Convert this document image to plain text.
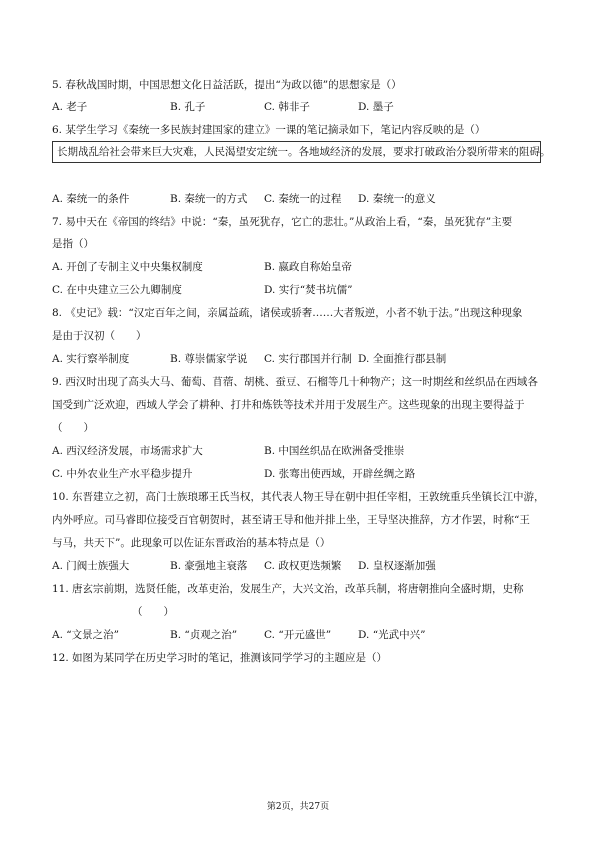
5. 春秋战国时期，中国思想文化日益活跃，提出“为政以德”的思想家是（）
A. 老子	B. 孔子	C. 韩非子	D. 墨子
6. 某学生学习《秦统一多民族封建国家的建立》一课的笔记摘录如下，笔记内容反映的是（）
长期战乱给社会带来巨大灾难，人民渴望安定统一。各地域经济的发展，要求打破政治分裂所带来的阻碍。
A. 秦统一的条件	B. 秦统一的方式 C. 秦统一的过程 D. 秦统一的意义
7. 易中天在《帝国的终结》中说：“秦，虽死犹存，它亡的悲壮。”从政治上看，“秦，虽死犹存”主要
是指（）
A. 开创了专制主义中央集权制度	B. 嬴政自称始皇帝
C. 在中央建立三公九卿制度	D. 实行“焚书坑儒”
8. 《史记》载：“汉定百年之间，亲属益疏，诸侯或骄奢……大者叛逆，小者不轨于法。”出现这种现象
是由于汉初（　　）
A. 实行察举制度	B. 尊崇儒家学说 C. 实行郡国并行制 D. 全面推行郡县制
9. 西汉时出现了高头大马、葡萄、苜蓿、胡桃、蚕豆、石榴等几十种物产；这一时期丝和丝织品在西域各
国受到广泛欢迎，西域人学会了耕种、打井和炼铁等技术并用于发展生产。这些现象的出现主要得益于
（　　）
A. 西汉经济发展，市场需求扩大	B. 中国丝织品在欧洲备受推崇
C. 中外农业生产水平稳步提升	D. 张骞出使西域，开辟丝绸之路
10. 东晋建立之初，高门士族琅琊王氏当权，其代表人物王导在朝中担任宰相，王敦统重兵坐镇长江中游，
内外呼应。司马睿即位接受百官朝贺时，甚至请王导和他并排上坐，王导坚决推辞，方才作罢，时称“王
与马，共天下”。此现象可以佐证东晋政治的基本特点是（）
A. 门阀士族强大	B. 豪强地主衰落 C. 政权更迭频繁 D. 皇权逐渐加强
11. 唐玄宗前期，选贤任能，改革吏治，发展生产，大兴文治，改革兵制，将唐朝推向全盛时期，史称
（　　）
A. “文景之治”	B. “贞观之治”	C. “开元盛世”	D. “光武中兴”
12. 如图为某同学在历史学习时的笔记，推测该同学学习的主题应是（）
第2页，共27页
